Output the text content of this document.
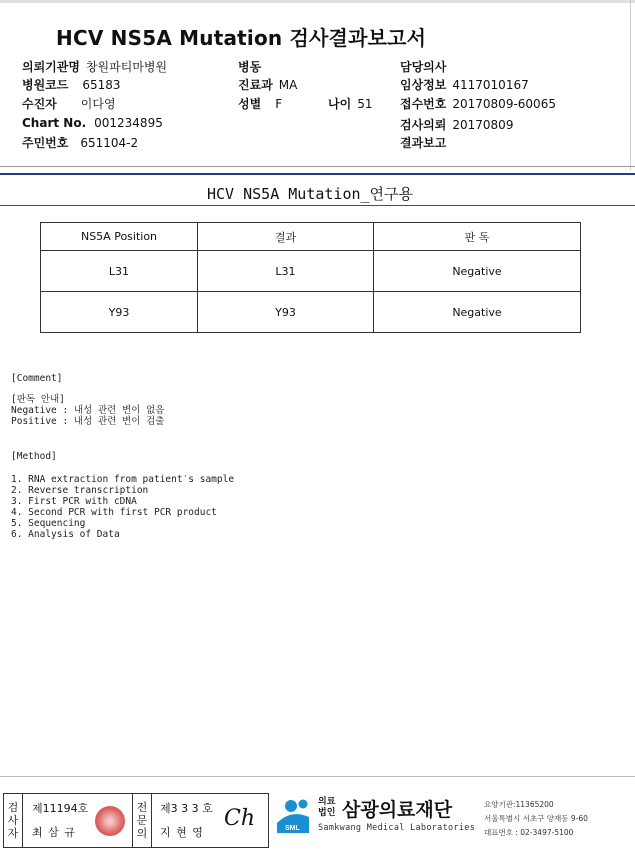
HCV NS5A Mutation 검사결과보고서
의뢰기관명 창원파티마병원
병원코드 65183
수진자 이다영
Chart No. 001234895
주민번호 651104-2
병동
진료과 MA
성별 F	나이 51
담당의사
임상정보 4117010167
접수번호 20170809-60065
검사의뢰 20170809
결과보고
HCV NS5A Mutation_연구용
NS5A Position	결과	판 독
L31	L31	Negative
Y93	Y93	Negative
[Comment]
[판독 안내]
Negative : 내성 관련 변이 없음
Positive : 내성 관련 변이 검출
[Method]
1. RNA extraction from patient′s sample
2. Reverse transcription
3. First PCR with cDNA
4. Second PCR with first PCR product
5. Sequencing
6. Analysis of Data
검
사
자
제11194호
최 삼 규
전
문
의
제3 3 3 호
지 현 영
Ch	SML
의료
법인 삼광의료재단
Samkwang Medical Laboratories
요양기관:11365200
서울특별시 서초구 양재동 9-60
대표번호 : 02-3497-5100
